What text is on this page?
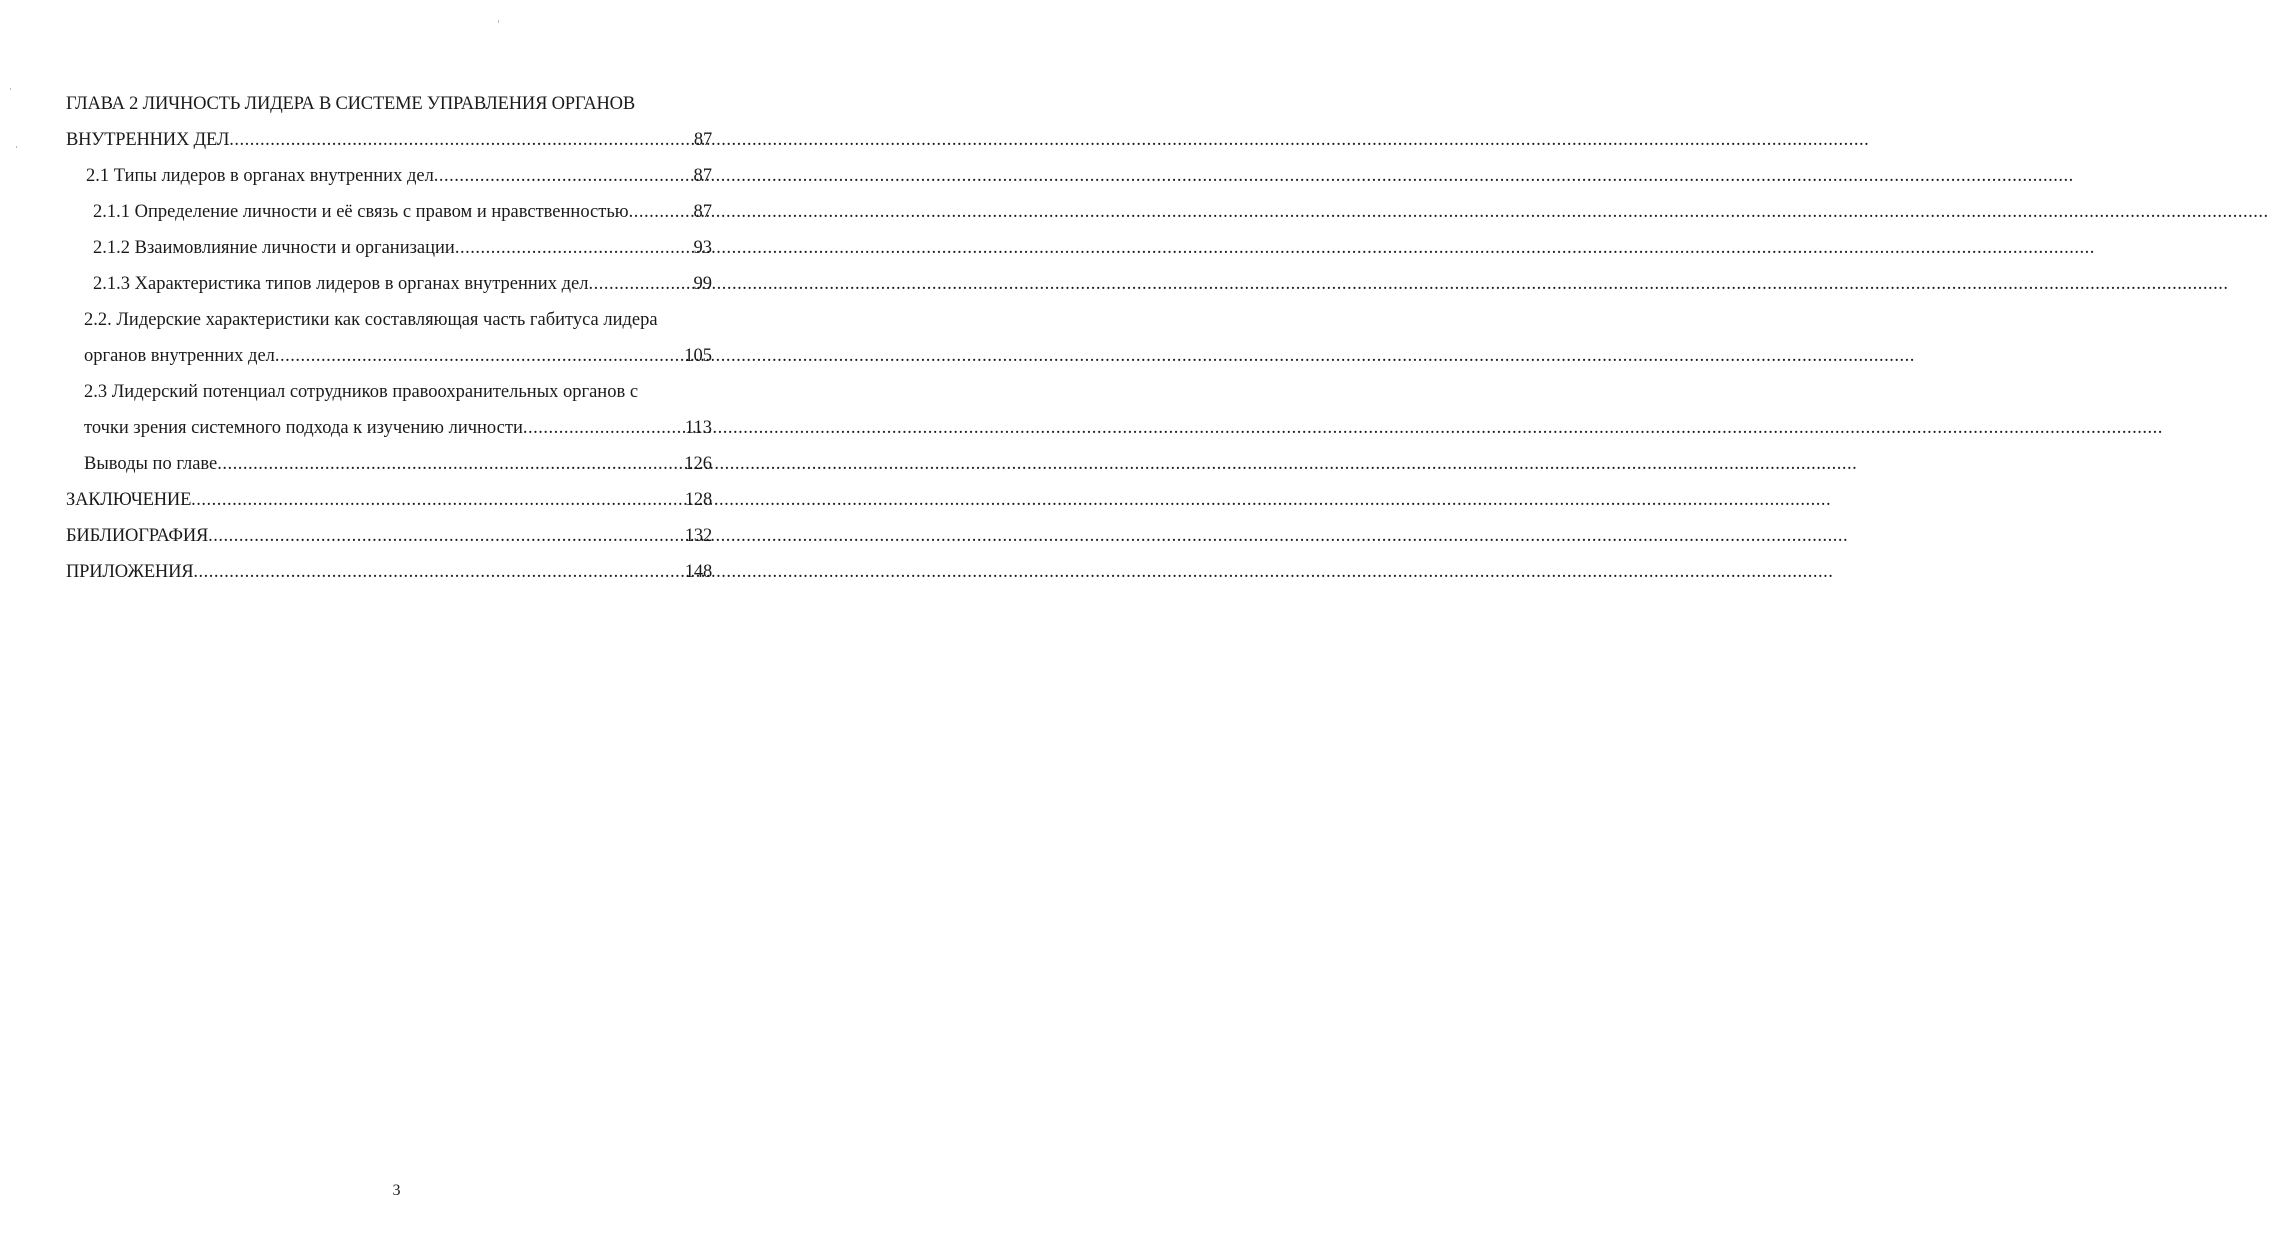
ГЛАВА 2 ЛИЧНОСТЬ ЛИДЕРА В СИСТЕМЕ УПРАВЛЕНИЯ ОРГАНОВ
ВНУТРЕННИХ ДЕЛ .....	87
2.1 Типы лидеров в органах внутренних дел .....	87
2.1.1 Определение личности и её связь с правом и нравственностью .....	87
2.1.2 Взаимовлияние личности и организации .....	93
2.1.3 Характеристика типов лидеров в органах внутренних дел .....	99
2.2. Лидерские характеристики как составляющая часть габитуса лидера
органов внутренних дел .....	105
2.3 Лидерский потенциал сотрудников правоохранительных органов с
точки зрения системного подхода к изучению личности .....	113
Выводы по главе .....	126
ЗАКЛЮЧЕНИЕ .....	128
БИБЛИОГРАФИЯ .....	132
ПРИЛОЖЕНИЯ .....	148
3
